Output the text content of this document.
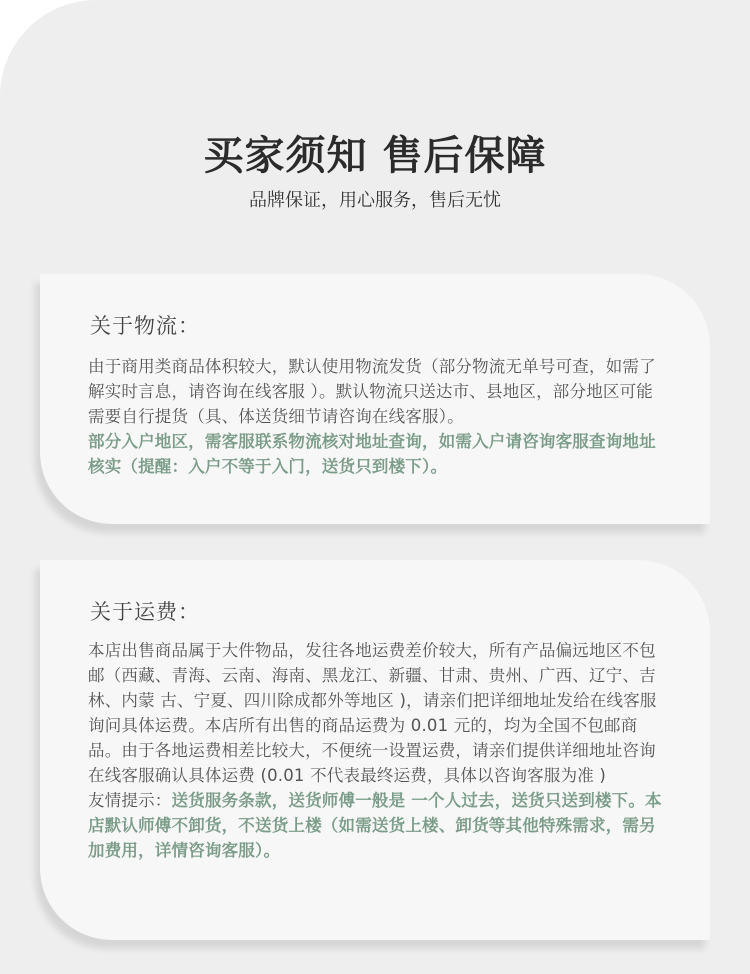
买家须知 售后保障

品牌保证，用心服务，售后无忧

关于物流：

由于商用类商品体积较大，默认使用物流发货（部分物流无单号可查，如需了解实时言息，请咨询在线客服 ）。默认物流只送达市、县地区，部分地区可能需要自行提货（具、体送货细节请咨询在线客服）。

部分入户地区，需客服联系物流核对地址查询，如需入户请咨询客服查询地址核实（提醒：入户不等于入门，送货只到楼下）。

关于运费：

本店出售商品属于大件物品，发往各地运费差价较大，所有产品偏远地区不包邮（西藏、青海、云南、海南、黑龙江、新疆、甘肃、贵州、广西、辽宁、吉林、内蒙 古、宁夏、四川除成都外等地区 )，请亲们把详细地址发给在线客服询问具体运费。本店所有出售的商品运费为 0.01 元的，均为全国不包邮商品。由于各地运费相差比较大，不便统一设置运费，请亲们提供详细地址咨询在线客服确认具体运费 (0.01 不代表最终运费，具体以咨询客服为准 )

友情提示：送货服务条款，送货师傅一般是 一个人过去，送货只送到楼下。本店默认师傅不卸货，不送货上楼（如需送货上楼、卸货等其他特殊需求，需另加费用，详情咨询客服）。
